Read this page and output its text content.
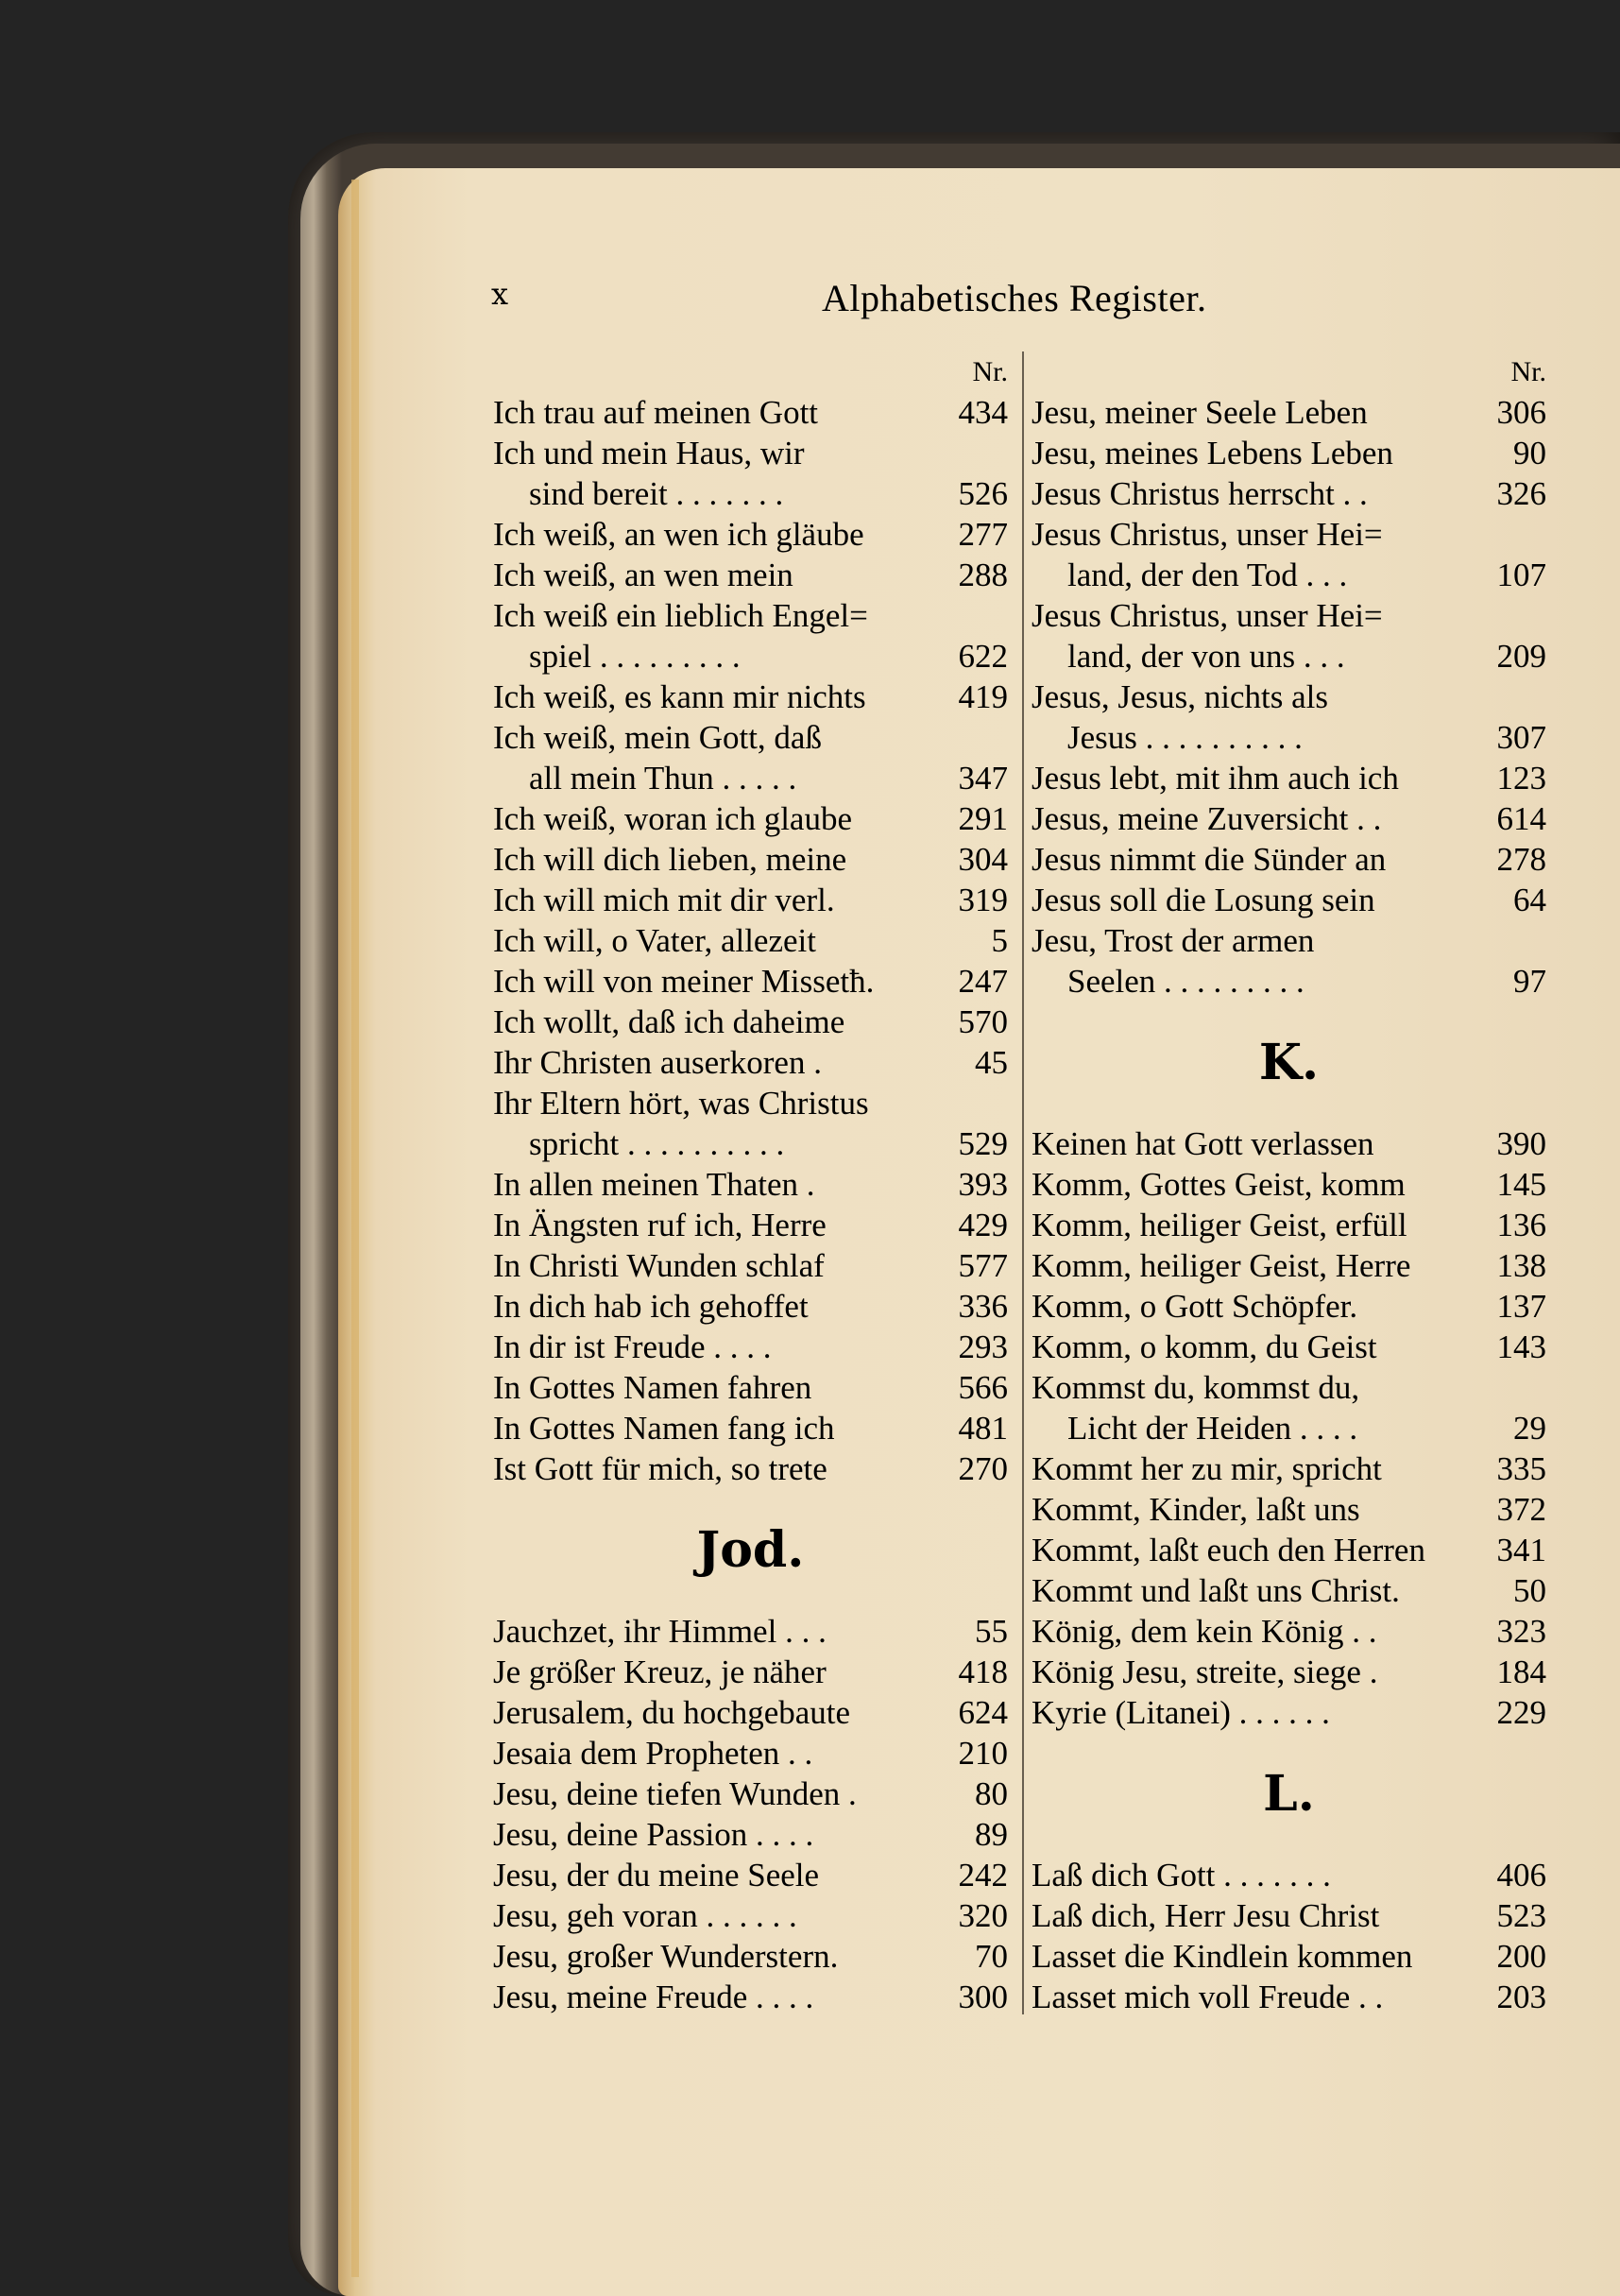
x	Alphabetisches Register.
Nr.
Ich trau auf meinen Gott	434
Ich und mein Haus, wir
sind bereit . . . . . . .	526
Ich weiß, an wen ich gläube	277
Ich weiß, an wen mein	288
Ich weiß ein lieblich Engel=
spiel . . . . . . . . .	622
Ich weiß, es kann mir nichts	419
Ich weiß, mein Gott, daß
all mein Thun . . . . .	347
Ich weiß, woran ich glaube	291
Ich will dich lieben, meine	304
Ich will mich mit dir verl.	319
Ich will, o Vater, allezeit	5
Ich will von meiner Missetħ.	247
Ich wollt, daß ich daheime	570
Ihr Christen auserkoren .	45
Ihr Eltern hört, was Christus
spricht . . . . . . . . . .	529
In allen meinen Thaten .	393
In Ängsten ruf ich, Herre	429
In Christi Wunden schlaf	577
In dich hab ich gehoffet	336
In dir ist Freude . . . .	293
In Gottes Namen fahren	566
In Gottes Namen fang ich	481
Ist Gott für mich, so trete	270
Jod.
Jauchzet, ihr Himmel . . .	55
Je größer Kreuz, je näher	418
Jerusalem, du hochgebaute	624
Jesaia dem Propheten . .	210
Jesu, deine tiefen Wunden .	80
Jesu, deine Passion . . . .	89
Jesu, der du meine Seele	242
Jesu, geh voran . . . . . .	320
Jesu, großer Wunderstern.	70
Jesu, meine Freude . . . .	300
Nr.
Jesu, meiner Seele Leben	306
Jesu, meines Lebens Leben	90
Jesus Christus herrscht . .	326
Jesus Christus, unser Hei=
land, der den Tod . . .	107
Jesus Christus, unser Hei=
land, der von uns . . .	209
Jesus, Jesus, nichts als
Jesus . . . . . . . . . .	307
Jesus lebt, mit ihm auch ich	123
Jesus, meine Zuversicht . .	614
Jesus nimmt die Sünder an	278
Jesus soll die Losung sein	64
Jesu, Trost der armen
Seelen . . . . . . . . .	97
K.
Keinen hat Gott verlassen	390
Komm, Gottes Geist, komm	145
Komm, heiliger Geist, erfüll	136
Komm, heiliger Geist, Herre	138
Komm, o Gott Schöpfer.	137
Komm, o komm, du Geist	143
Kommst du, kommst du,
Licht der Heiden . . . .	29
Kommt her zu mir, spricht	335
Kommt, Kinder, laßt uns	372
Kommt, laßt euch den Herren	341
Kommt und laßt uns Christ.	50
König, dem kein König . .	323
König Jesu, streite, siege .	184
Kyrie (Litanei) . . . . . .	229
L.
Laß dich Gott . . . . . . .	406
Laß dich, Herr Jesu Christ	523
Lasset die Kindlein kommen	200
Lasset mich voll Freude . .	203
